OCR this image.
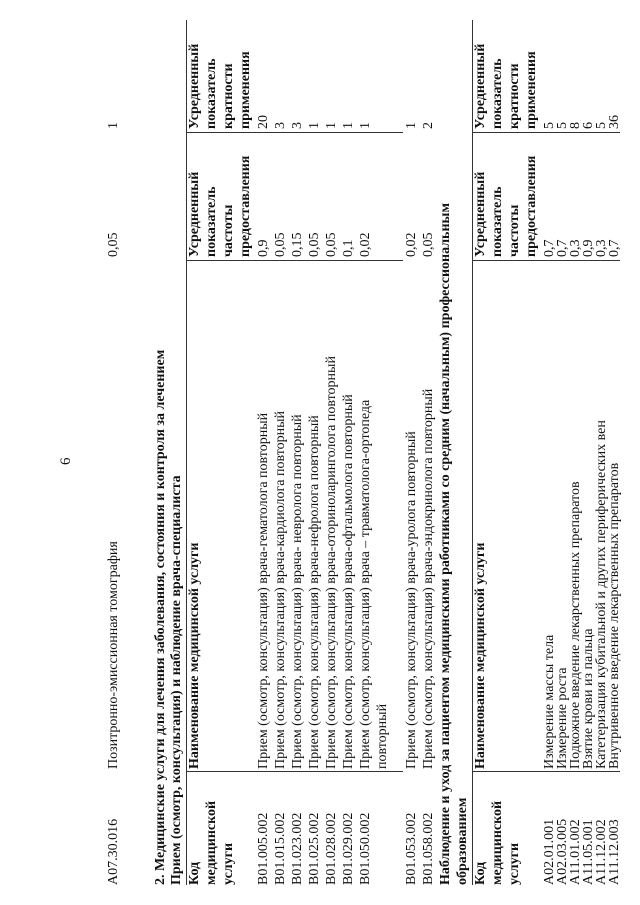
6
A07.30.016
Позитронно-эмиссионная томография
0,05
1
2. Медицинские услуги для лечения заболевания, состояния и контроля за лечением Прием (осмотр, консультация) и наблюдение врача-специалиста Код медицинской услуги
Наименование медицинской услуги
Усредненный показатель частоты предоставления
Усредненный показатель кратности применения
B01.005.002
Прием (осмотр, консультация) врача-гематолога повторный
0,9
20
B01.015.002
Прием (осмотр, консультация) врача-кардиолога повторный
0,05
3
B01.023.002
Прием (осмотр, консультация) врача- невролога повторный
0,15
3
B01.025.002
Прием (осмотр, консультация) врача-нефролога повторный
0,05
1
B01.028.002
Прием (осмотр, консультация) врача-оториноларинголога повторный
0,05
1
B01.029.002
Прием (осмотр, консультация) врача-офтальмолога повторный
0,1
1
B01.050.002
Прием (осмотр, консультация) врача – травматолога-ортопеда
0,02
1
повторный
B01.053.002
Прием (осмотр, консультация) врача-уролога повторный
0,02
1
B01.058.002
Прием (осмотр, консультация) врача-эндокринолога повторный
0,05
2
Наблюдение и уход за пациентом медицинскими работниками со средним (начальным) профессиональным образованием Код медицинской услуги
Наименование медицинской услуги
Усредненный показатель частоты предоставления
Усредненный показатель кратности применения
A02.01.001
Измерение массы тела
0,7
5
A02.03.005
Измерение роста
0,7
5
A11.01.002
Подкожное введение лекарственных препаратов
0,3
8
A11.05.001
Взятие крови из пальца
0,9
6
A11.12.002
Катетеризация кубитальной и других периферических вен
0,3
5
A11.12.003
Внутривенное введение лекарственных препаратов
0,7
36
